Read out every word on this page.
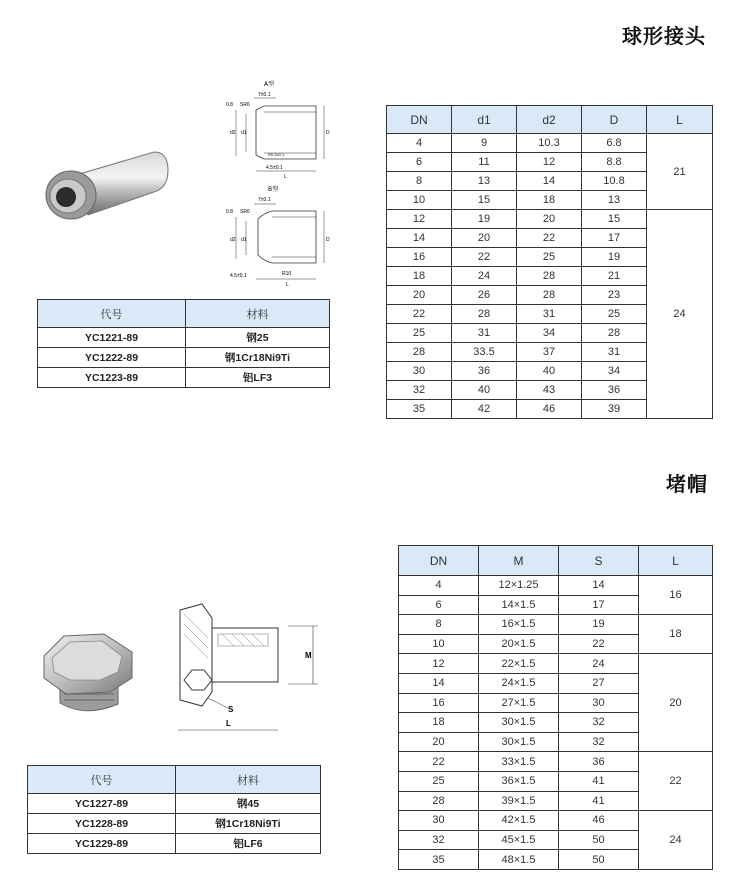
球形接头
A型
7±0.1
0.8 SR6
d2 d1	D
R0.3±0.1
4.5±0.1
L
B型
7±0.1
0.8 SR6
d2 d1	D
4.5±0.1	R10
L
代号	材料
YC1221-89	钢25
YC1222-89	钢1Cr18Ni9Ti
YC1223-89	铝LF3
DN	d1	d2	D	L
4	9	10.3	6.8	21
6	11	12	8.8	
8	13	14	10.8	
10	15	18	13	
12	19	20	15	24
14	20	22	17	
16	22	25	19	
18	24	28	21	
20	26	28	23	
22	28	31	25	
25	31	34	28	
28	33.5	37	31	
30	36	40	34	
32	40	43	36	
35	42	46	39	
堵帽
M
S
L
代号	材料
YC1227-89	钢45
YC1228-89	钢1Cr18Ni9Ti
YC1229-89	铝LF6
DN	M	S	L
4	12×1.25	14	16
6	14×1.5	17	
8	16×1.5	19	18
10	20×1.5	22	
12	22×1.5	24	20
14	24×1.5	27	
16	27×1.5	30	
18	30×1.5	32	
20	30×1.5	32	
22	33×1.5	36	22
25	36×1.5	41	
28	39×1.5	41	
30	42×1.5	46	24
32	45×1.5	50	
35	48×1.5	50	
